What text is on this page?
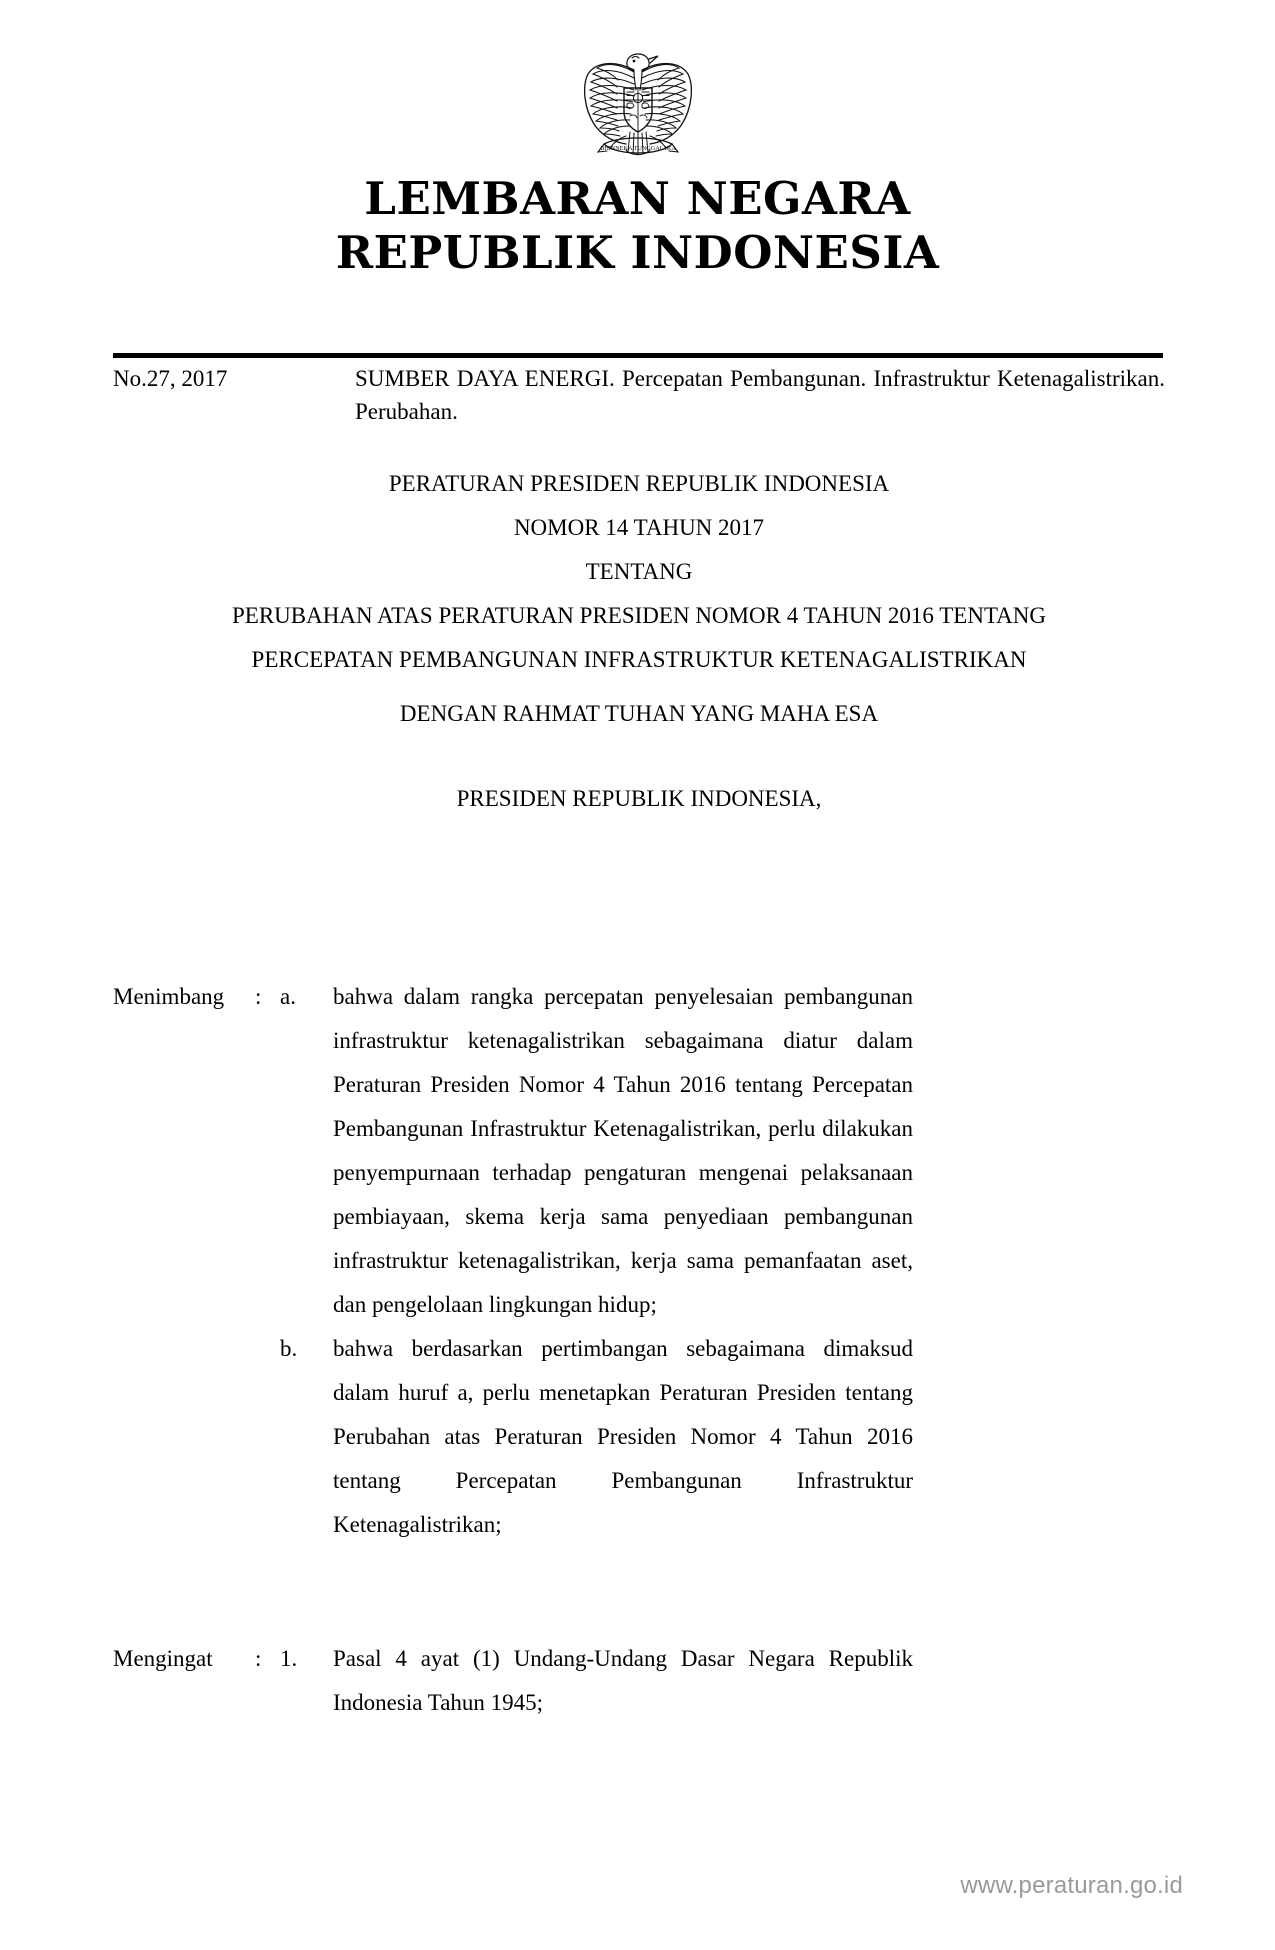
BHINNEKA TUNGGAL IKA
LEMBARAN NEGARA
REPUBLIK INDONESIA
No.27, 2017	SUMBER DAYA ENERGI. Percepatan Pembangunan. Infrastruktur Ketenagalistrikan. Perubahan.
PERATURAN PRESIDEN REPUBLIK INDONESIA
NOMOR 14 TAHUN 2017
TENTANG
PERUBAHAN ATAS PERATURAN PRESIDEN NOMOR 4 TAHUN 2016 TENTANG
PERCEPATAN PEMBANGUNAN INFRASTRUKTUR KETENAGALISTRIKAN
DENGAN RAHMAT TUHAN YANG MAHA ESA
PRESIDEN REPUBLIK INDONESIA,
Menimbang	: a.	bahwa dalam rangka percepatan penyelesaian pembangunan infrastruktur ketenagalistrikan sebagaimana diatur dalam Peraturan Presiden Nomor 4 Tahun 2016 tentang Percepatan Pembangunan Infrastruktur Ketenagalistrikan, perlu dilakukan penyempurnaan terhadap pengaturan mengenai pelaksanaan pembiayaan, skema kerja sama penyediaan pembangunan infrastruktur ketenagalistrikan, kerja sama pemanfaatan aset, dan pengelolaan lingkungan hidup;
b.	bahwa berdasarkan pertimbangan sebagaimana dimaksud dalam huruf a, perlu menetapkan Peraturan Presiden tentang Perubahan atas Peraturan Presiden Nomor 4 Tahun 2016 tentang Percepatan Pembangunan Infrastruktur Ketenagalistrikan;
Mengingat	: 1.	Pasal 4 ayat (1) Undang-Undang Dasar Negara Republik Indonesia Tahun 1945;
www.peraturan.go.id
